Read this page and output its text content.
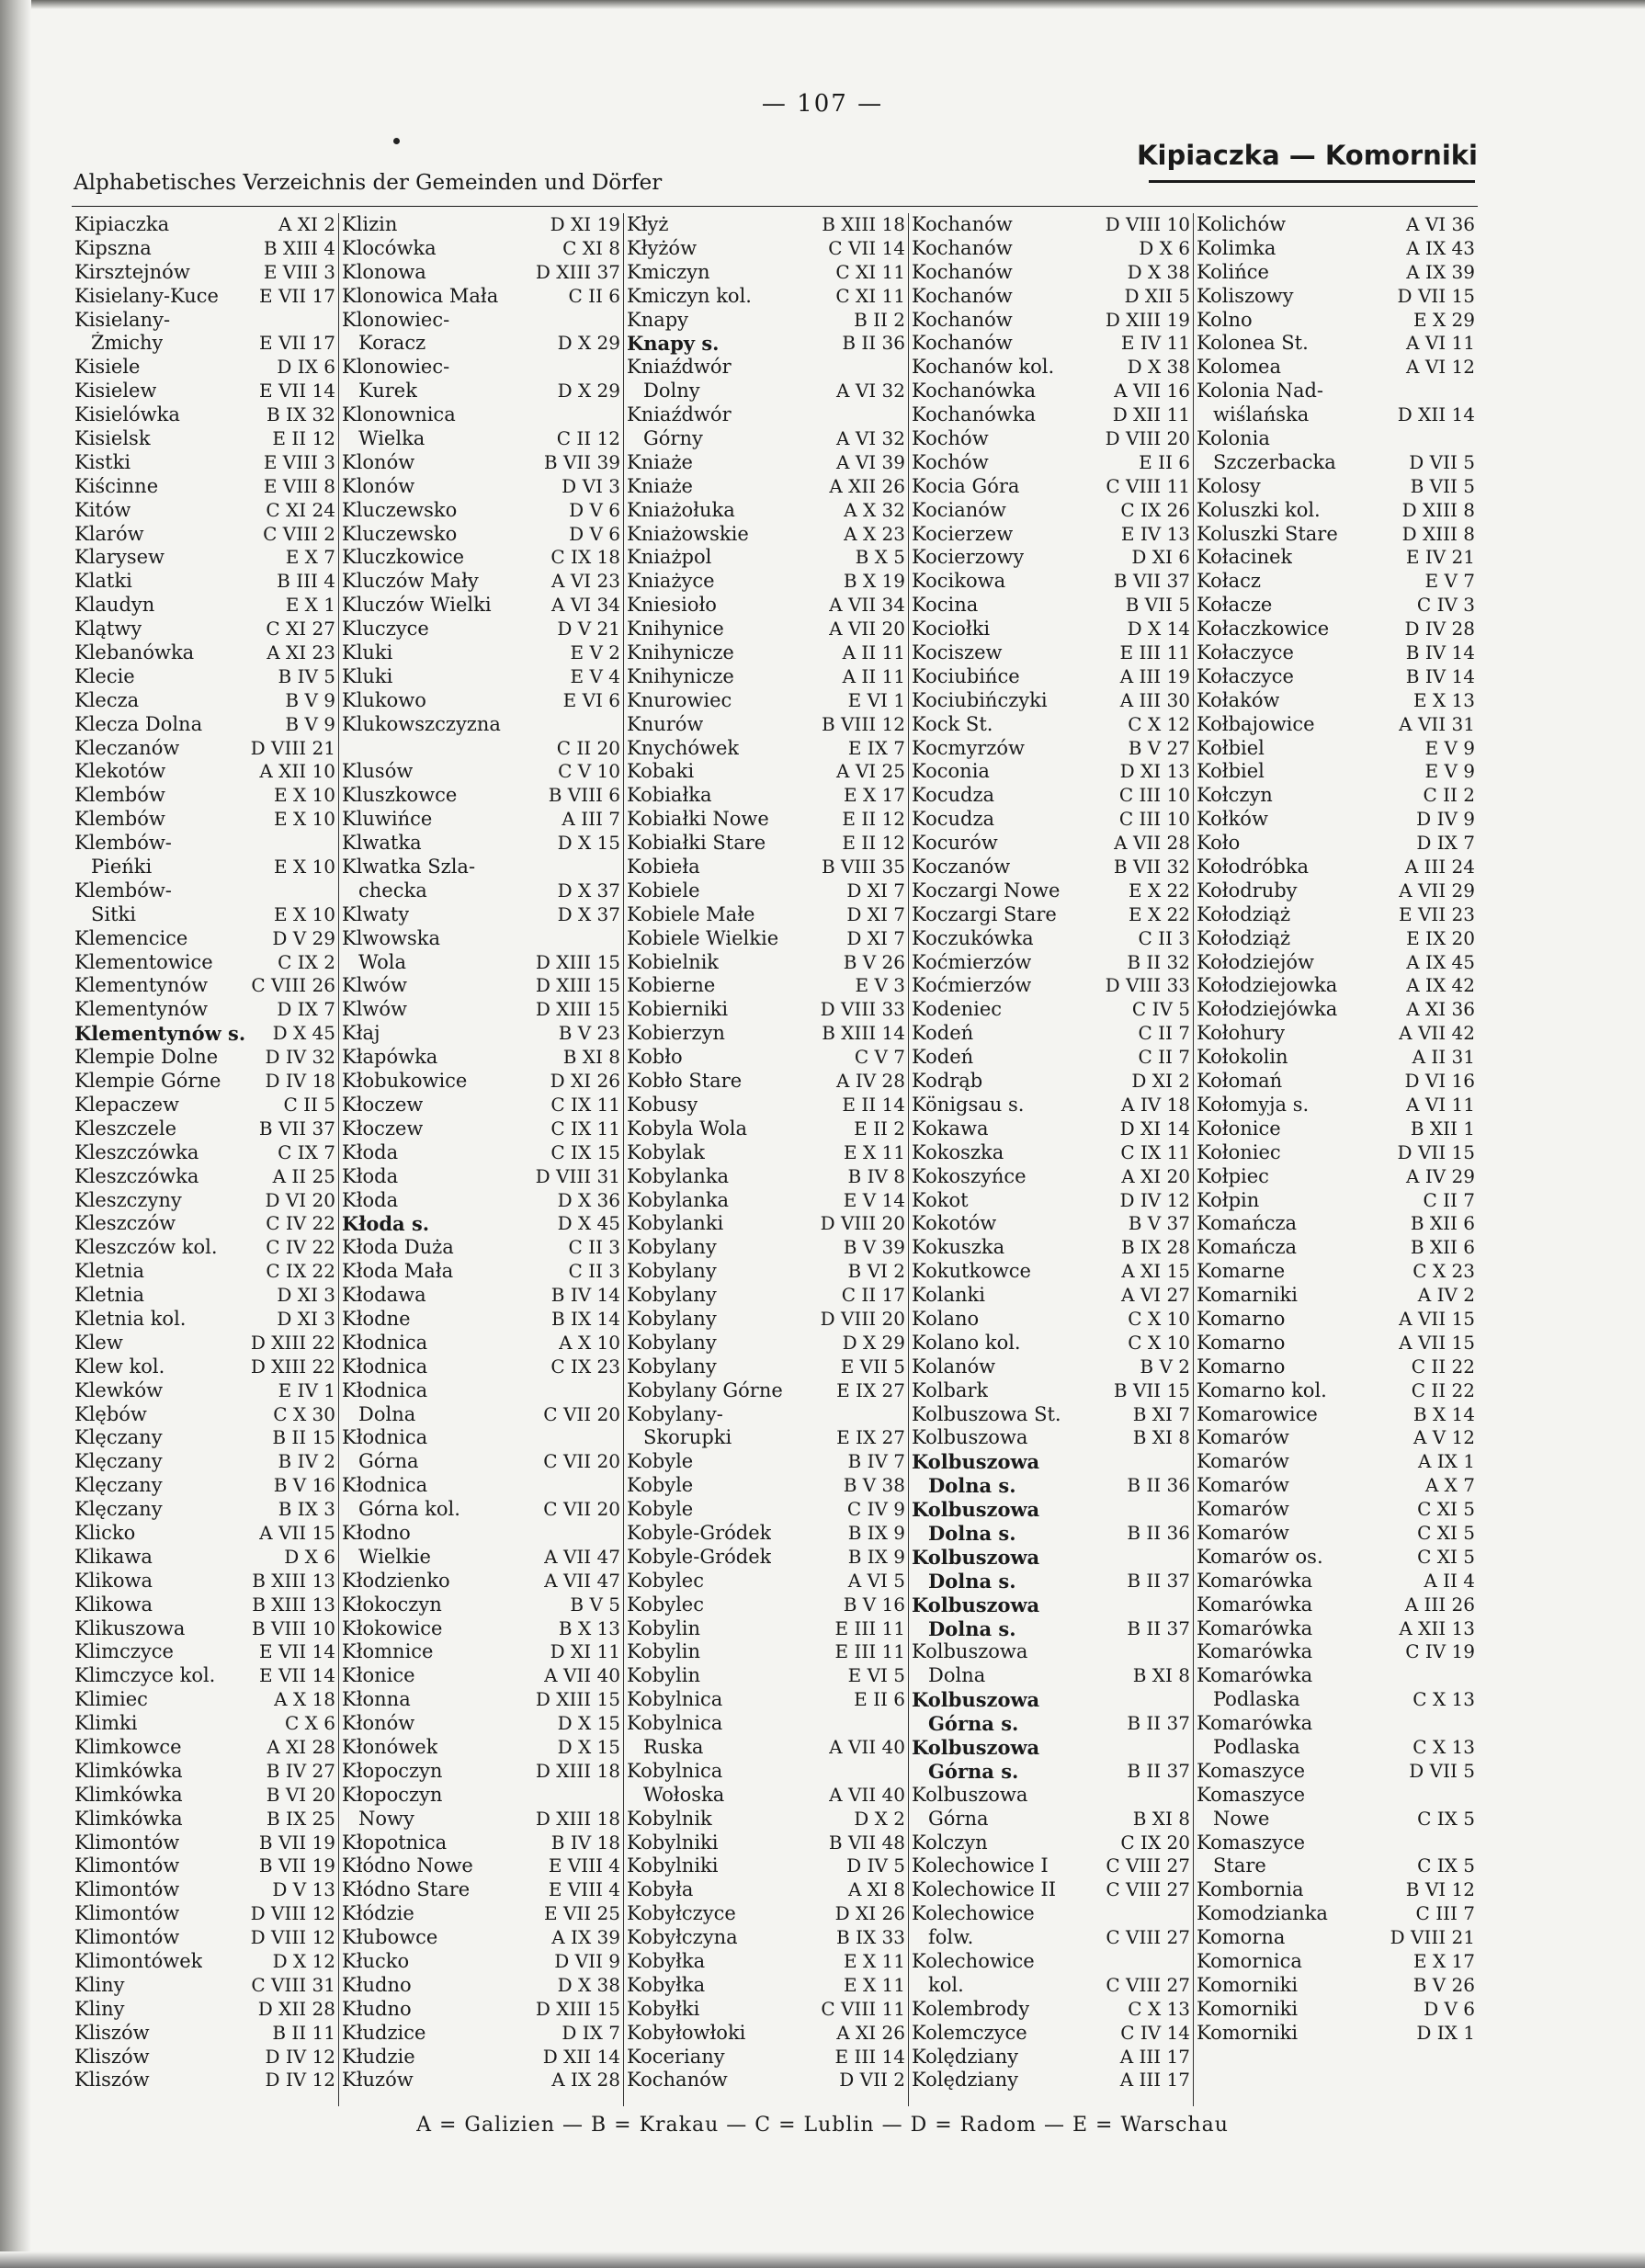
— 107 —
Alphabetisches Verzeichnis der Gemeinden und Dörfer
Kipiaczka — Komorniki
Kipiaczka	A XI 2
Kipszna	B XIII 4
Kirsztejnów	E VIII 3
Kisielany-Kuce E VII 17
Kisielany-
Żmichy	E VII 17
Kisiele	D IX 6
Kisielew	E VII 14
Kisielówka	B IX 32
Kisielsk	E II 12
Kistki	E VIII 3
Kiścinne	E VIII 8
Kitów	C XI 24
Klarów	C VIII 2
Klarysew	E X 7
Klatki	B III 4
Klaudyn	E X 1
Klątwy	C XI 27
Klebanówka	A XI 23
Klecie	B IV 5
Klecza	B V 9
Klecza Dolna	B V 9
Kleczanów	D VIII 21
Klekotów	A XII 10
Klembów	E X 10
Klembów	E X 10
Klembów-
Pieńki	E X 10
Klembów-
Sitki	E X 10
Klemencice	D V 29
Klementowice	C IX 2
Klementynów C VIII 26
Klementynów	D IX 7
Klementynów s. D X 45
Klempie Dolne	D IV 32
Klempie Górne D IV 18
Klepaczew	C II 5
Kleszczele	B VII 37
Kleszczówka	C IX 7
Kleszczówka	A II 25
Kleszczyny	D VI 20
Kleszczów	C IV 22
Kleszczów kol.	C IV 22
Kletnia	C IX 22
Kletnia	D XI 3
Kletnia kol.	D XI 3
Klew	D XIII 22
Klew kol.	D XIII 22
Klewków	E IV 1
Klębów	C X 30
Klęczany	B II 15
Klęczany	B IV 2
Klęczany	B V 16
Klęczany	B IX 3
Klicko	A VII 15
Klikawa	D X 6
Klikowa	B XIII 13
Klikowa	B XIII 13
Klikuszowa	B VIII 10
Klimczyce	E VII 14
Klimczyce kol. E VII 14
Klimiec	A X 18
Klimki	C X 6
Klimkowce	A XI 28
Klimkówka	B IV 27
Klimkówka	B VI 20
Klimkówka	B IX 25
Klimontów	B VII 19
Klimontów	B VII 19
Klimontów	D V 13
Klimontów	D VIII 12
Klimontów	D VIII 12
Klimontówek	D X 12
Kliny	C VIII 31
Kliny	D XII 28
Kliszów	B II 11
Kliszów	D IV 12
Kliszów	D IV 12
Klizin	D XI 19
Klocówka	C XI 8
Klonowa	D XIII 37
Klonowica Mała	C II 6
Klonowiec-
Koracz	D X 29
Klonowiec-
Kurek	D X 29
Klonownica
Wielka	C II 12
Klonów	B VII 39
Klonów	D VI 3
Kluczewsko	D V 6
Kluczewsko	D V 6
Kluczkowice	C IX 18
Kluczów Mały	A VI 23
Kluczów Wielki	A VI 34
Kluczyce	D V 21
Kluki	E V 2
Kluki	E V 4
Klukowo	E VI 6
Klukowszczyzna
C II 20
Klusów	C V 10
Kluszkowce	B VIII 6
Kluwińce	A III 7
Klwatka	D X 15
Klwatka Szla-
checka	D X 37
Klwaty	D X 37
Klwowska
Wola	D XIII 15
Klwów	D XIII 15
Klwów	D XIII 15
Kłaj	B V 23
Kłapówka	B XI 8
Kłobukowice	D XI 26
Kłoczew	C IX 11
Kłoczew	C IX 11
Kłoda	C IX 15
Kłoda	D VIII 31
Kłoda	D X 36
Kłoda s.	D X 45
Kłoda Duża	C II 3
Kłoda Mała	C II 3
Kłodawa	B IV 14
Kłodne	B IX 14
Kłodnica	A X 10
Kłodnica	C IX 23
Kłodnica
Dolna	C VII 20
Kłodnica
Górna	C VII 20
Kłodnica
Górna kol.	C VII 20
Kłodno
Wielkie	A VII 47
Kłodzienko	A VII 47
Kłokoczyn	B V 5
Kłokowice	B X 13
Kłomnice	D XI 11
Kłonice	A VII 40
Kłonna	D XIII 15
Kłonów	D X 15
Kłonówek	D X 15
Kłopoczyn	D XIII 18
Kłopoczyn
Nowy	D XIII 18
Kłopotnica	B IV 18
Kłódno Nowe	E VIII 4
Kłódno Stare	E VIII 4
Kłódzie	E VII 25
Kłubowce	A IX 39
Kłucko	D VII 9
Kłudno	D X 38
Kłudno	D XIII 15
Kłudzice	D IX 7
Kłudzie	D XII 14
Kłuzów	A IX 28
Kłyż	B XIII 18
Kłyżów	C VII 14
Kmiczyn	C XI 11
Kmiczyn kol.	C XI 11
Knapy	B II 2
Knapy s.	B II 36
Kniaźdwór
Dolny	A VI 32
Kniaźdwór
Górny	A VI 32
Kniaże	A VI 39
Kniaże	A XII 26
Kniażołuka	A X 32
Kniażowskie	A X 23
Kniażpol	B X 5
Kniażyce	B X 19
Kniesioło	A VII 34
Knihynice	A VII 20
Knihynicze	A II 11
Knihynicze	A II 11
Knurowiec	E VI 1
Knurów	B VIII 12
Knychówek	E IX 7
Kobaki	A VI 25
Kobiałka	E X 17
Kobiałki Nowe	E II 12
Kobiałki Stare	E II 12
Kobieła	B VIII 35
Kobiele	D XI 7
Kobiele Małe	D XI 7
Kobiele Wielkie	D XI 7
Kobielnik	B V 26
Kobierne	E V 3
Kobierniki	D VIII 33
Kobierzyn	B XIII 14
Kobło	C V 7
Kobło Stare	A IV 28
Kobusy	E II 14
Kobyla Wola	E II 2
Kobylak	E X 11
Kobylanka	B IV 8
Kobylanka	E V 14
Kobylanki	D VIII 20
Kobylany	B V 39
Kobylany	B VI 2
Kobylany	C II 17
Kobylany	D VIII 20
Kobylany	D X 29
Kobylany	E VII 5
Kobylany Górne	E IX 27
Kobylany-
Skorupki	E IX 27
Kobyle	B IV 7
Kobyle	B V 38
Kobyle	C IV 9
Kobyle-Gródek	B IX 9
Kobyle-Gródek	B IX 9
Kobylec	A VI 5
Kobylec	B V 16
Kobylin	E III 11
Kobylin	E III 11
Kobylin	E VI 5
Kobylnica	E II 6
Kobylnica
Ruska	A VII 40
Kobylnica
Wołoska	A VII 40
Kobylnik	D X 2
Kobylniki	B VII 48
Kobylniki	D IV 5
Kobyła	A XI 8
Kobyłczyce	D XI 26
Kobyłczyna	B IX 33
Kobyłka	E X 11
Kobyłka	E X 11
Kobyłki	C VIII 11
Kobyłowłoki	A XI 26
Koceriany	E III 14
Kochanów	D VII 2
Kochanów	D VIII 10
Kochanów	D X 6
Kochanów	D X 38
Kochanów	D XII 5
Kochanów	D XIII 19
Kochanów	E IV 11
Kochanów kol.	D X 38
Kochanówka	A VII 16
Kochanówka	D XII 11
Kochów	D VIII 20
Kochów	E II 6
Kocia Góra	C VIII 11
Kocianów	C IX 26
Kocierzew	E IV 13
Kocierzowy	D XI 6
Kocikowa	B VII 37
Kocina	B VII 5
Kociołki	D X 14
Kociszew	E III 11
Kociubińce	A III 19
Kociubińczyki	A III 30
Kock St.	C X 12
Kocmyrzów	B V 27
Koconia	D XI 13
Kocudza	C III 10
Kocudza	C III 10
Kocurów	A VII 28
Koczanów	B VII 32
Koczargi Nowe	E X 22
Koczargi Stare	E X 22
Koczukówka	C II 3
Koćmierzów	B II 32
Koćmierzów	D VIII 33
Kodeniec	C IV 5
Kodeń	C II 7
Kodeń	C II 7
Kodrąb	D XI 2
Königsau s.	A IV 18
Kokawa	D XI 14
Kokoszka	C IX 11
Kokoszyńce	A XI 20
Kokot	D IV 12
Kokotów	B V 37
Kokuszka	B IX 28
Kokutkowce	A XI 15
Kolanki	A VI 27
Kolano	C X 10
Kolano kol.	C X 10
Kolanów	B V 2
Kolbark	B VII 15
Kolbuszowa St.	B XI 7
Kolbuszowa	B XI 8
Kolbuszowa
Dolna s.	B II 36
Kolbuszowa
Dolna s.	B II 36
Kolbuszowa
Dolna s.	B II 37
Kolbuszowa
Dolna s.	B II 37
Kolbuszowa
Dolna	B XI 8
Kolbuszowa
Górna s.	B II 37
Kolbuszowa
Górna s.	B II 37
Kolbuszowa
Górna	B XI 8
Kolczyn	C IX 20
Kolechowice I	C VIII 27
Kolechowice II	C VIII 27
Kolechowice
folw.	C VIII 27
Kolechowice
kol.	C VIII 27
Kolembrody	C X 13
Kolemczyce	C IV 14
Kolędziany	A III 17
Kolędziany	A III 17
Kolichów	A VI 36
Kolimka	A IX 43
Kolińce	A IX 39
Koliszowy	D VII 15
Kolno	E X 29
Kolonea St.	A VI 11
Kolomea	A VI 12
Kolonia Nad-
wiślańska	D XII 14
Kolonia
Szczerbacka	D VII 5
Kolosy	B VII 5
Koluszki kol.	D XIII 8
Koluszki Stare	D XIII 8
Kołacinek	E IV 21
Kołacz	E V 7
Kołacze	C IV 3
Kołaczkowice	D IV 28
Kołaczyce	B IV 14
Kołaczyce	B IV 14
Kołaków	E X 13
Kołbajowice	A VII 31
Kołbiel	E V 9
Kołbiel	E V 9
Kołczyn	C II 2
Kołków	D IV 9
Koło	D IX 7
Kołodróbka	A III 24
Kołodruby	A VII 29
Kołodziąż	E VII 23
Kołodziąż	E IX 20
Kołodziejów	A IX 45
Kołodziejowka	A IX 42
Kołodziejówka	A XI 36
Kołohury	A VII 42
Kołokolin	A II 31
Kołomań	D VI 16
Kołomyja s.	A VI 11
Kołonice	B XII 1
Kołoniec	D VII 15
Kołpiec	A IV 29
Kołpin	C II 7
Komańcza	B XII 6
Komańcza	B XII 6
Komarne	C X 23
Komarniki	A IV 2
Komarno	A VII 15
Komarno	A VII 15
Komarno	C II 22
Komarno kol.	C II 22
Komarowice	B X 14
Komarów	A V 12
Komarów	A IX 1
Komarów	A X 7
Komarów	C XI 5
Komarów	C XI 5
Komarów os.	C XI 5
Komarówka	A II 4
Komarówka	A III 26
Komarówka	A XII 13
Komarówka	C IV 19
Komarówka
Podlaska	C X 13
Komarówka
Podlaska	C X 13
Komaszyce	D VII 5
Komaszyce
Nowe	C IX 5
Komaszyce
Stare	C IX 5
Kombornia	B VI 12
Komodzianka	C III 7
Komorna	D VIII 21
Komornica	E X 17
Komorniki	B V 26
Komorniki	D V 6
Komorniki	D IX 1
A = Galizien — B = Krakau — C = Lublin — D = Radom — E = Warschau
